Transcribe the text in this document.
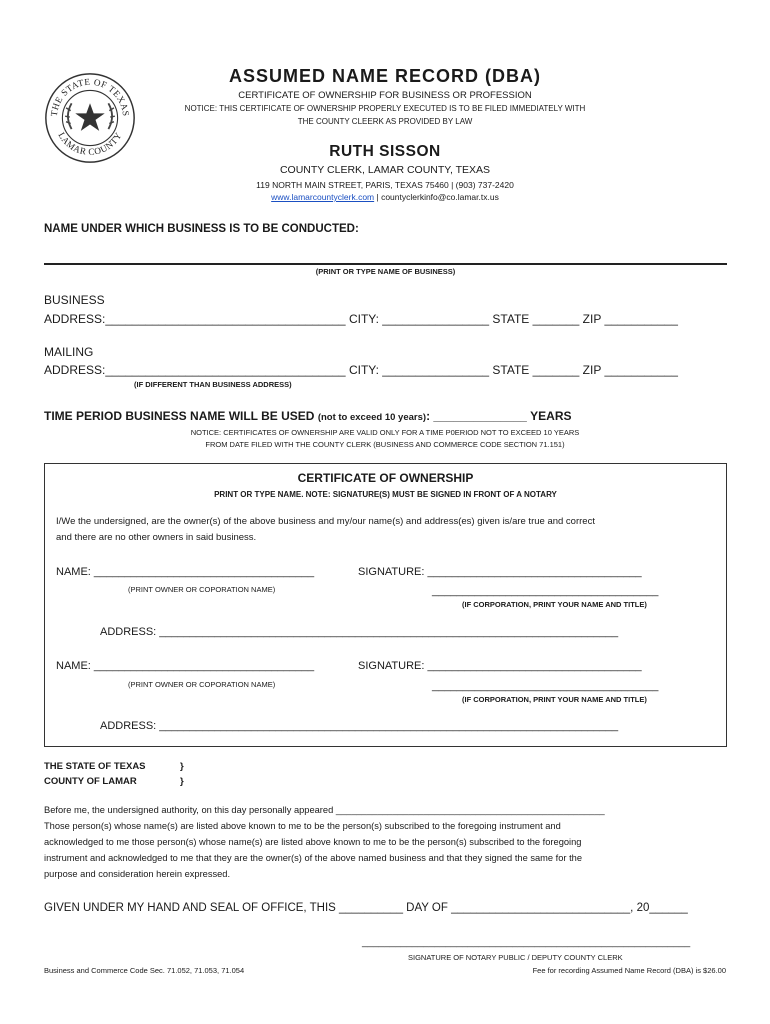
THE STATE OF TEXAS
LAMAR COUNTY
ASSUMED NAME RECORD (DBA)
CERTIFICATE OF OWNERSHIP FOR BUSINESS OR PROFESSION
NOTICE: THIS CERTIFICATE OF OWNERSHIP PROPERLY EXECUTED IS TO BE FILED IMMEDIATELY WITH
THE COUNTY CLEERK AS PROVIDED BY LAW
RUTH SISSON
COUNTY CLERK, LAMAR COUNTY, TEXAS
119 NORTH MAIN STREET, PARIS, TEXAS 75460 | (903) 737-2420
www.lamarcountyclerk.com | countyclerkinfo@co.lamar.tx.us
NAME UNDER WHICH BUSINESS IS TO BE CONDUCTED:
(PRINT OR TYPE NAME OF BUSINESS)
BUSINESS
ADDRESS:____________________________________ CITY: ________________ STATE _______ ZIP ___________
MAILING
ADDRESS:____________________________________ CITY: ________________ STATE _______ ZIP ___________
(IF DIFFERENT THAN BUSINESS ADDRESS)
TIME PERIOD BUSINESS NAME WILL BE USED (not to exceed 10 years): ______________ YEARS
NOTICE: CERTIFICATES OF OWNERSHIP ARE VALID ONLY FOR A TIME P0ERIOD NOT TO EXCEED 10 YEARS
FROM DATE FILED WITH THE COUNTY CLERK (BUSINESS AND COMMERCE CODE SECTION 71.151)
CERTIFICATE OF OWNERSHIP
PRINT OR TYPE NAME. NOTE: SIGNATURE(S) MUST BE SIGNED IN FRONT OF A NOTARY
I/We the undersigned, are the owner(s) of the above business and my/our name(s) and address(es) given is/are true and correct
and there are no other owners in said business.
NAME: ____________________________________	SIGNATURE: ___________________________________
(PRINT OWNER OR COPORATION NAME)	_____________________________________
(IF CORPORATION, PRINT YOUR NAME AND TITLE)
ADDRESS: ___________________________________________________________________________
NAME: ____________________________________	SIGNATURE: ___________________________________
(PRINT OWNER OR COPORATION NAME)	_____________________________________
(IF CORPORATION, PRINT YOUR NAME AND TITLE)
ADDRESS: ___________________________________________________________________________
THE STATE OF TEXAS	}
COUNTY OF LAMAR	}
Before me, the undersigned authority, on this day personally appeared ____________________________________________________
Those person(s) whose name(s) are listed above known to me to be the person(s) subscribed to the foregoing instrument and
acknowledged to me those person(s) whose name(s) are listed above known to me to be the person(s) subscribed to the foregoing
instrument and acknowledged to me that they are the owner(s) of the above named business and that they signed the same for the
purpose and consideration herein expressed.
GIVEN UNDER MY HAND AND SEAL OF OFFICE, THIS __________ DAY OF ____________________________, 20______
___________________________________________________________
SIGNATURE OF NOTARY PUBLIC / DEPUTY COUNTY CLERK
Business and Commerce Code Sec. 71.052, 71.053, 71.054	Fee for recording Assumed Name Record (DBA) is $26.00
